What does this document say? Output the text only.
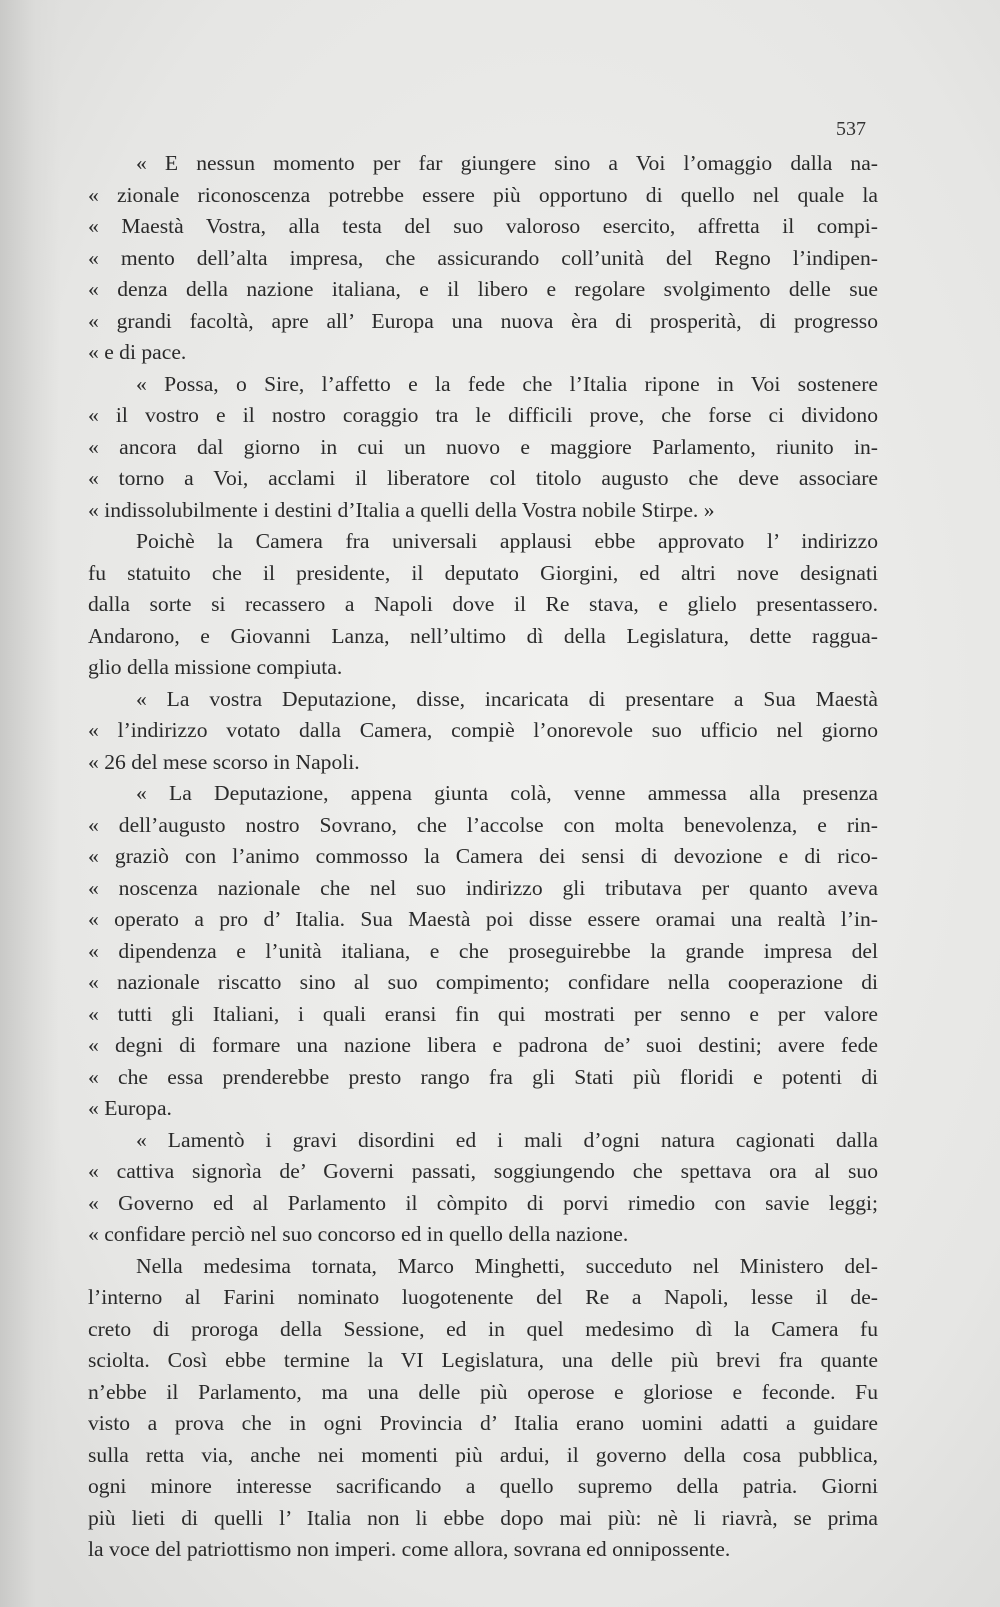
537
« E nessun momento per far giungere sino a Voi l’omaggio dalla na-
« zionale riconoscenza potrebbe essere più opportuno di quello nel quale la
« Maestà Vostra, alla testa del suo valoroso esercito, affretta il compi-
« mento dell’alta impresa, che assicurando coll’unità del Regno l’indipen-
« denza della nazione italiana, e il libero e regolare svolgimento delle sue
« grandi facoltà, apre all’ Europa una nuova èra di prosperità, di progresso
« e di pace.
« Possa, o Sire, l’affetto e la fede che l’Italia ripone in Voi sostenere
« il vostro e il nostro coraggio tra le difficili prove, che forse ci dividono
« ancora dal giorno in cui un nuovo e maggiore Parlamento, riunito in-
« torno a Voi, acclami il liberatore col titolo augusto che deve associare
« indissolubilmente i destini d’Italia a quelli della Vostra nobile Stirpe. »
Poichè la Camera fra universali applausi ebbe approvato l’ indirizzo
fu statuito che il presidente, il deputato Giorgini, ed altri nove designati
dalla sorte si recassero a Napoli dove il Re stava, e glielo presentassero.
Andarono, e Giovanni Lanza, nell’ultimo dì della Legislatura, dette raggua-
glio della missione compiuta.
« La vostra Deputazione, disse, incaricata di presentare a Sua Maestà
« l’indirizzo votato dalla Camera, compiè l’onorevole suo ufficio nel giorno
« 26 del mese scorso in Napoli.
« La Deputazione, appena giunta colà, venne ammessa alla presenza
« dell’augusto nostro Sovrano, che l’accolse con molta benevolenza, e rin-
« graziò con l’animo commosso la Camera dei sensi di devozione e di rico-
« noscenza nazionale che nel suo indirizzo gli tributava per quanto aveva
« operato a pro d’ Italia. Sua Maestà poi disse essere oramai una realtà l’in-
« dipendenza e l’unità italiana, e che proseguirebbe la grande impresa del
« nazionale riscatto sino al suo compimento; confidare nella cooperazione di
« tutti gli Italiani, i quali eransi fin qui mostrati per senno e per valore
« degni di formare una nazione libera e padrona de’ suoi destini; avere fede
« che essa prenderebbe presto rango fra gli Stati più floridi e potenti di
« Europa.
« Lamentò i gravi disordini ed i mali d’ogni natura cagionati dalla
« cattiva signorìa de’ Governi passati, soggiungendo che spettava ora al suo
« Governo ed al Parlamento il còmpito di porvi rimedio con savie leggi;
« confidare perciò nel suo concorso ed in quello della nazione.
Nella medesima tornata, Marco Minghetti, succeduto nel Ministero del-
l’interno al Farini nominato luogotenente del Re a Napoli, lesse il de-
creto di proroga della Sessione, ed in quel medesimo dì la Camera fu
sciolta. Così ebbe termine la VI Legislatura, una delle più brevi fra quante
n’ebbe il Parlamento, ma una delle più operose e gloriose e feconde. Fu
visto a prova che in ogni Provincia d’ Italia erano uomini adatti a guidare
sulla retta via, anche nei momenti più ardui, il governo della cosa pubblica,
ogni minore interesse sacrificando a quello supremo della patria. Giorni
più lieti di quelli l’ Italia non li ebbe dopo mai più: nè li riavrà, se prima
la voce del patriottismo non imperi. come allora, sovrana ed onnipossente.
